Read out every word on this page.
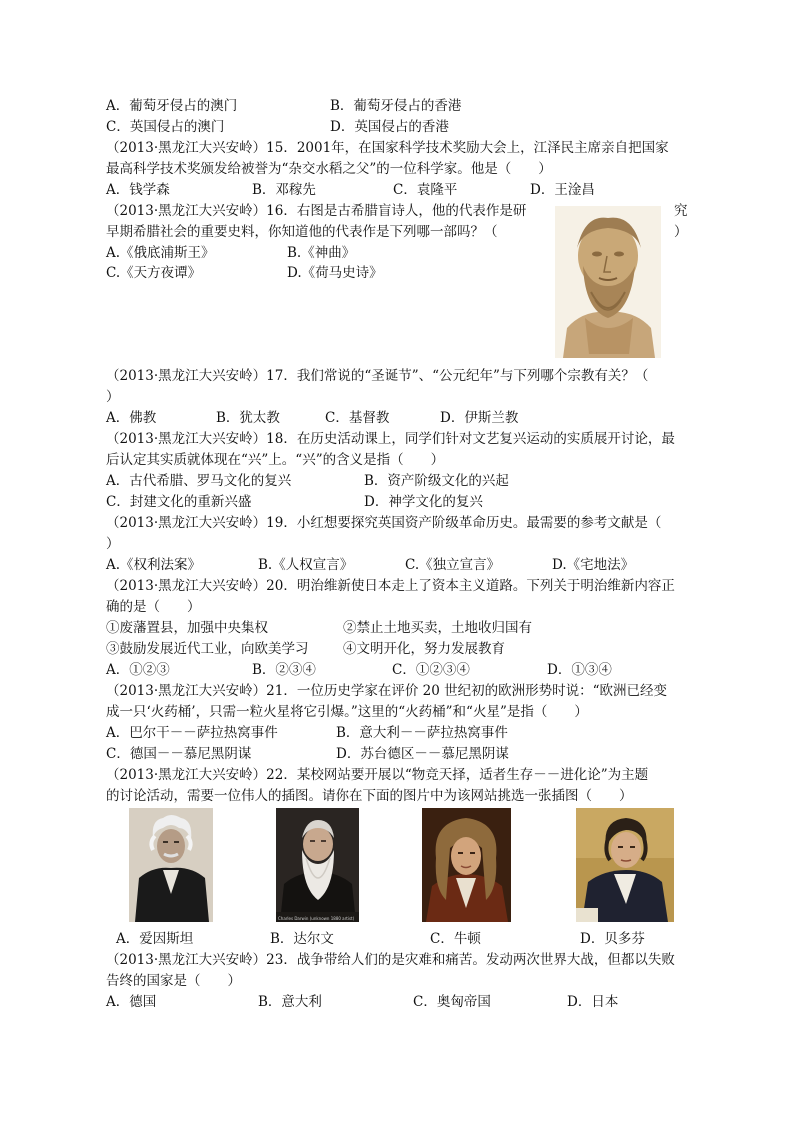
A．葡萄牙侵占的澳门	B．葡萄牙侵占的香港
C．英国侵占的澳门	D．英国侵占的香港
（2013·黑龙江大兴安岭）15．2001年，在国家科学技术奖励大会上，江泽民主席亲自把国家
最高科学技术奖颁发给被誉为“杂交水稻之父”的一位科学家。他是（　　）
A．钱学森	B．邓稼先	C．袁隆平	D．王淦昌
（2013·黑龙江大兴安岭）16．右图是古希腊盲诗人，他的代表作是研	究
早期希腊社会的重要史料，你知道他的代表作是下列哪一部吗？（	）
A.《俄底浦斯王》	B.《神曲》
C.《天方夜谭》	D.《荷马史诗》
（2013·黑龙江大兴安岭）17．我们常说的“圣诞节”、“公元纪年”与下列哪个宗教有关？（
）
A．佛教	B．犹太教	C．基督教	D．伊斯兰教
（2013·黑龙江大兴安岭）18．在历史活动课上，同学们针对文艺复兴运动的实质展开讨论，最
后认定其实质就体现在“兴”上。“兴”的含义是指（　　）
A．古代希腊、罗马文化的复兴	B．资产阶级文化的兴起
C．封建文化的重新兴盛	D．神学文化的复兴
（2013·黑龙江大兴安岭）19．小红想要探究英国资产阶级革命历史。最需要的参考文献是（
）
A.《权利法案》	B.《人权宣言》	C.《独立宣言》	D.《宅地法》
（2013·黑龙江大兴安岭）20．明治维新使日本走上了资本主义道路。下列关于明治维新内容正
确的是（　　）
①废藩置县，加强中央集权	②禁止土地买卖，土地收归国有
③鼓励发展近代工业，向欧美学习	④文明开化，努力发展教育
A．①②③	B．②③④	C．①②③④	D．①③④
（2013·黑龙江大兴安岭）21．一位历史学家在评价 20 世纪初的欧洲形势时说：“欧洲已经变
成一只‘火药桶’，只需一粒火星将它引爆。”这里的“火药桶”和“火星”是指（　　）
A．巴尔干－－萨拉热窝事件	B．意大利－－萨拉热窝事件
C．德国－－慕尼黑阴谋	D．苏台德区－－慕尼黑阴谋
（2013·黑龙江大兴安岭）22．某校网站要开展以“物竞天择，适者生存－－进化论”为主题
的讨论活动，需要一位伟人的插图。请你在下面的图片中为该网站挑选一张插图（　　）
A．爱因斯坦	B．达尔文	C．牛顿	D．贝多芬
（2013·黑龙江大兴安岭）23．战争带给人们的是灾难和痛苦。发动两次世界大战，但都以失败
告终的国家是（　　）
A．德国	B．意大利	C．奥匈帝国	D．日本
Charles Darwin (unknown 1880 artist)
